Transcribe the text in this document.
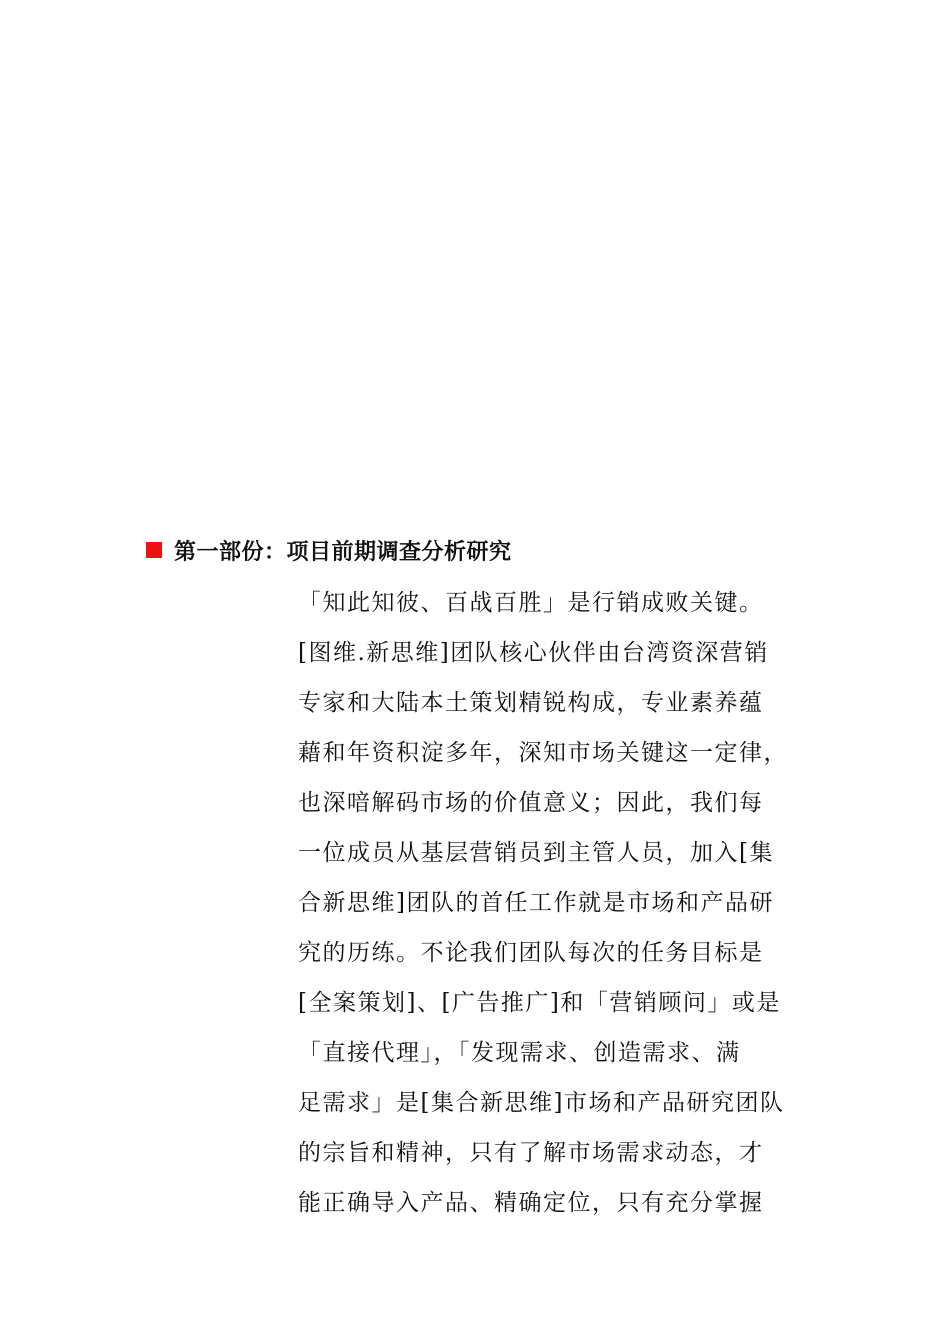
第一部份：项目前期调查分析研究
「知此知彼、百战百胜」是行销成败关键。
[图维.新思维]团队核心伙伴由台湾资深营销
专家和大陆本土策划精锐构成，专业素养蕴
藉和年资积淀多年，深知市场关键这一定律，
也深喑解码市场的价值意义；因此，我们每
一位成员从基层营销员到主管人员，加入[集
合新思维]团队的首任工作就是市场和产品研
究的历练。不论我们团队每次的任务目标是
[全案策划]、[广告推广]和「营销顾问」或是
「直接代理」，「发现需求、创造需求、满
足需求」是[集合新思维]市场和产品研究团队
的宗旨和精神，只有了解市场需求动态，才
能正确导入产品、精确定位，只有充分掌握
